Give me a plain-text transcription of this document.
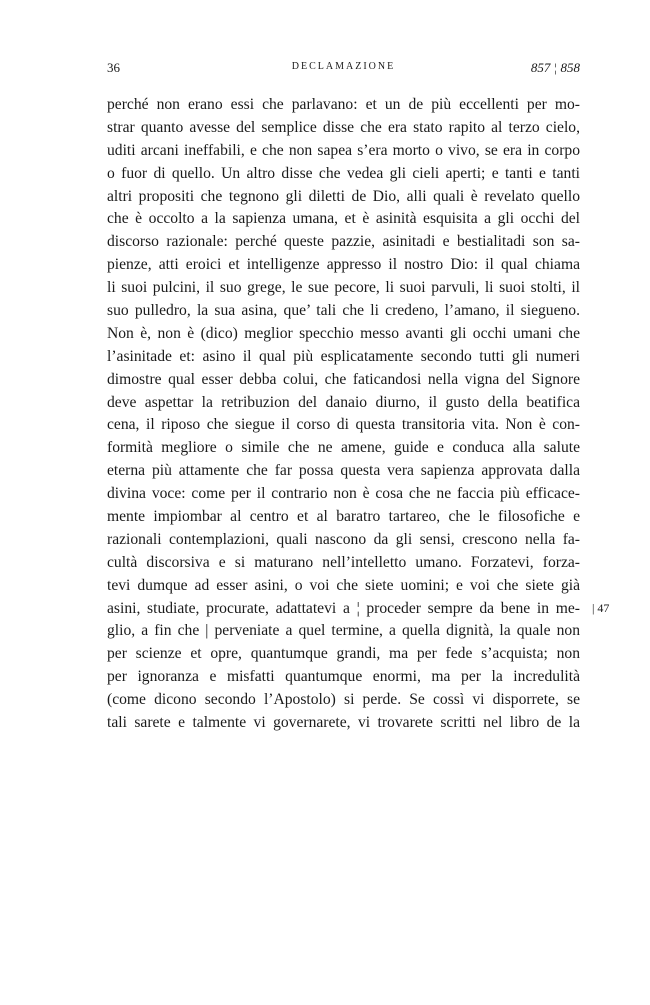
36	DECLAMAZIONE	857 ¦ 858
perché non erano essi che parlavano: et un de più eccellenti per mo-
strar quanto avesse del semplice disse che era stato rapito al terzo cielo,
uditi arcani ineffabili, e che non sapea s’era morto o vivo, se era in corpo
o fuor di quello. Un altro disse che vedea gli cieli aperti; e tanti e tanti
altri propositi che tegnono gli diletti de Dio, alli quali è revelato quello
che è occolto a la sapienza umana, et è asinità esquisita a gli occhi del
discorso razionale: perché queste pazzie, asinitadi e bestialitadi son sa-
pienze, atti eroici et intelligenze appresso il nostro Dio: il qual chiama
li suoi pulcini, il suo grege, le sue pecore, li suoi parvuli, li suoi stolti, il
suo pulledro, la sua asina, que’ tali che li credeno, l’amano, il siegueno.
Non è, non è (dico) meglior specchio messo avanti gli occhi umani che
l’asinitade et: asino il qual più esplicatamente secondo tutti gli numeri
dimostre qual esser debba colui, che faticandosi nella vigna del Signore
deve aspettar la retribuzion del danaio diurno, il gusto della beatifica
cena, il riposo che siegue il corso di questa transitoria vita. Non è con-
formità megliore o simile che ne amene, guide e conduca alla salute
eterna più attamente che far possa questa vera sapienza approvata dalla
divina voce: come per il contrario non è cosa che ne faccia più efficace-
mente impiombar al centro et al baratro tartareo, che le filosofiche e
razionali contemplazioni, quali nascono da gli sensi, crescono nella fa-
cultà discorsiva e si maturano nell’intelletto umano. Forzatevi, forza-
tevi dumque ad esser asini, o voi che siete uomini; e voi che siete già
asini, studiate, procurate, adattatevi a ¦ proceder sempre da bene in me-
glio, a fin che | perveniate a quel termine, a quella dignità, la quale non
per scienze et opre, quantumque grandi, ma per fede s’acquista; non
per ignoranza e misfatti quantumque enormi, ma per la incredulità
(come dicono secondo l’Apostolo) si perde. Se cossì vi disporrete, se
tali sarete e talmente vi governarete, vi trovarete scritti nel libro de la
| 47
